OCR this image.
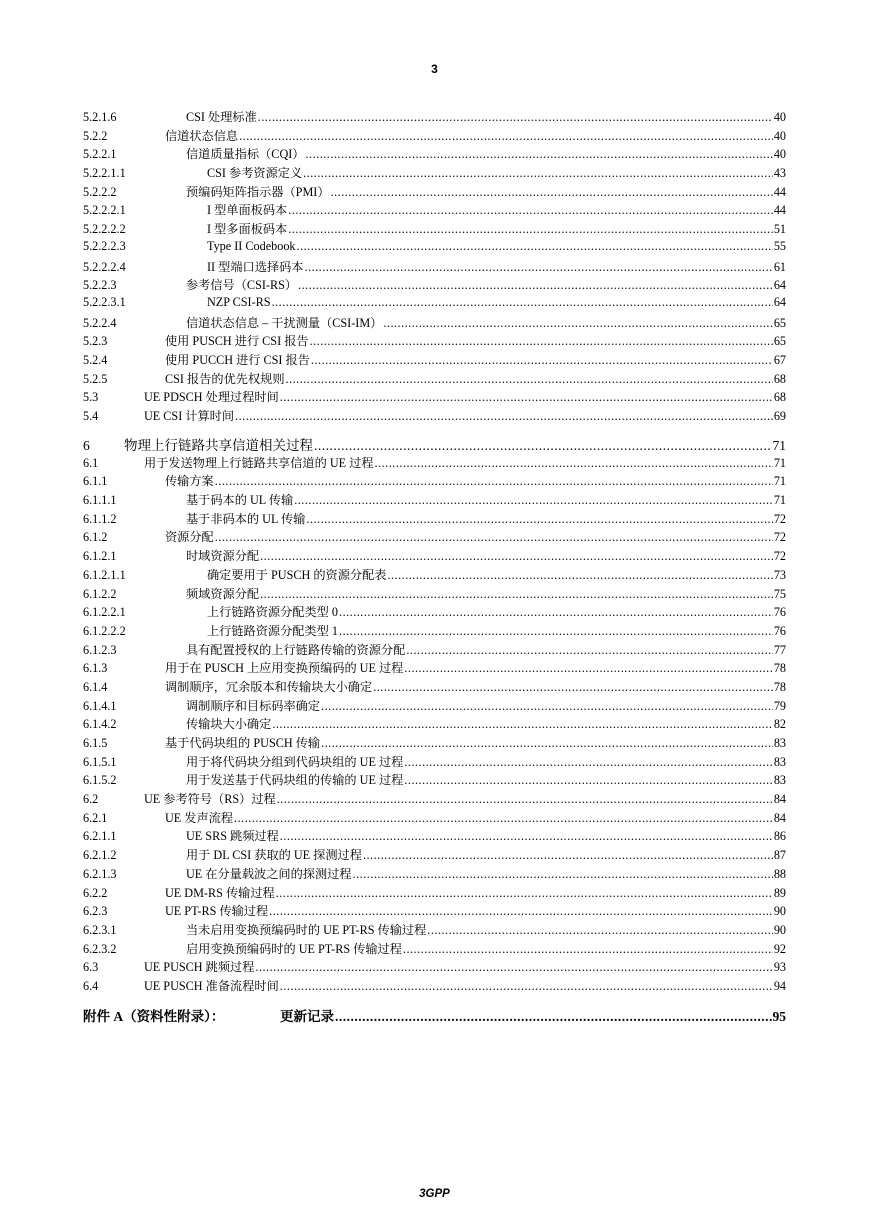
3
5.2.1.6	CSI 处理标准 .....	40
5.2.2	信道状态信息 .....	40
5.2.2.1	信道质量指标（CQI） .....	40
5.2.2.1.1	CSI 参考资源定义 .....	43
5.2.2.2	预编码矩阵指示器（PMI） .....	44
5.2.2.2.1	I 型单面板码本 .....	44
5.2.2.2.2	I 型多面板码本 .....	51
5.2.2.2.3	Type II Codebook .....	55
5.2.2.2.4	II 型端口选择码本 .....	61
5.2.2.3	参考信号（CSI-RS） .....	64
5.2.2.3.1	NZP CSI-RS .....	64
5.2.2.4	信道状态信息 – 干扰测量（CSI-IM） .....	65
5.2.3	使用 PUSCH 进行 CSI 报告 .....	65
5.2.4	使用 PUCCH 进行 CSI 报告 .....	67
5.2.5	CSI 报告的优先权规则 .....	68
5.3	UE PDSCH 处理过程时间 .....	68
5.4	UE CSI 计算时间 .....	69
6	物理上行链路共享信道相关过程 .....	71
6.1	用于发送物理上行链路共享信道的 UE 过程 .....	71
6.1.1	传输方案 .....	71
6.1.1.1	基于码本的 UL 传输 .....	71
6.1.1.2	基于非码本的 UL 传输 .....	72
6.1.2	资源分配 .....	72
6.1.2.1	时域资源分配 .....	72
6.1.2.1.1	确定要用于 PUSCH 的资源分配表 .....	73
6.1.2.2	频域资源分配 .....	75
6.1.2.2.1	上行链路资源分配类型 0 .....	76
6.1.2.2.2	上行链路资源分配类型 1 .....	76
6.1.2.3	具有配置授权的上行链路传输的资源分配 .....	77
6.1.3	用于在 PUSCH 上应用变换预编码的 UE 过程 .....	78
6.1.4	调制顺序，冗余版本和传输块大小确定 .....	78
6.1.4.1	调制顺序和目标码率确定 .....	79
6.1.4.2	传输块大小确定 .....	82
6.1.5	基于代码块组的 PUSCH 传输 .....	83
6.1.5.1	用于将代码块分组到代码块组的 UE 过程 .....	83
6.1.5.2	用于发送基于代码块组的传输的 UE 过程 .....	83
6.2	UE 参考符号（RS）过程 .....	84
6.2.1	UE 发声流程 .....	84
6.2.1.1	UE SRS 跳频过程 .....	86
6.2.1.2	用于 DL CSI 获取的 UE 探测过程 .....	87
6.2.1.3	UE 在分量载波之间的探测过程 .....	88
6.2.2	UE DM-RS 传输过程 .....	89
6.2.3	UE PT-RS 传输过程 .....	90
6.2.3.1	当未启用变换预编码时的 UE PT-RS 传输过程 .....	90
6.2.3.2	启用变换预编码时的 UE PT-RS 传输过程 .....	92
6.3	UE PUSCH 跳频过程 .....	93
6.4	UE PUSCH 准备流程时间 .....	94
附件 A（资料性附录）：	更新记录 .....	95
3GPP
